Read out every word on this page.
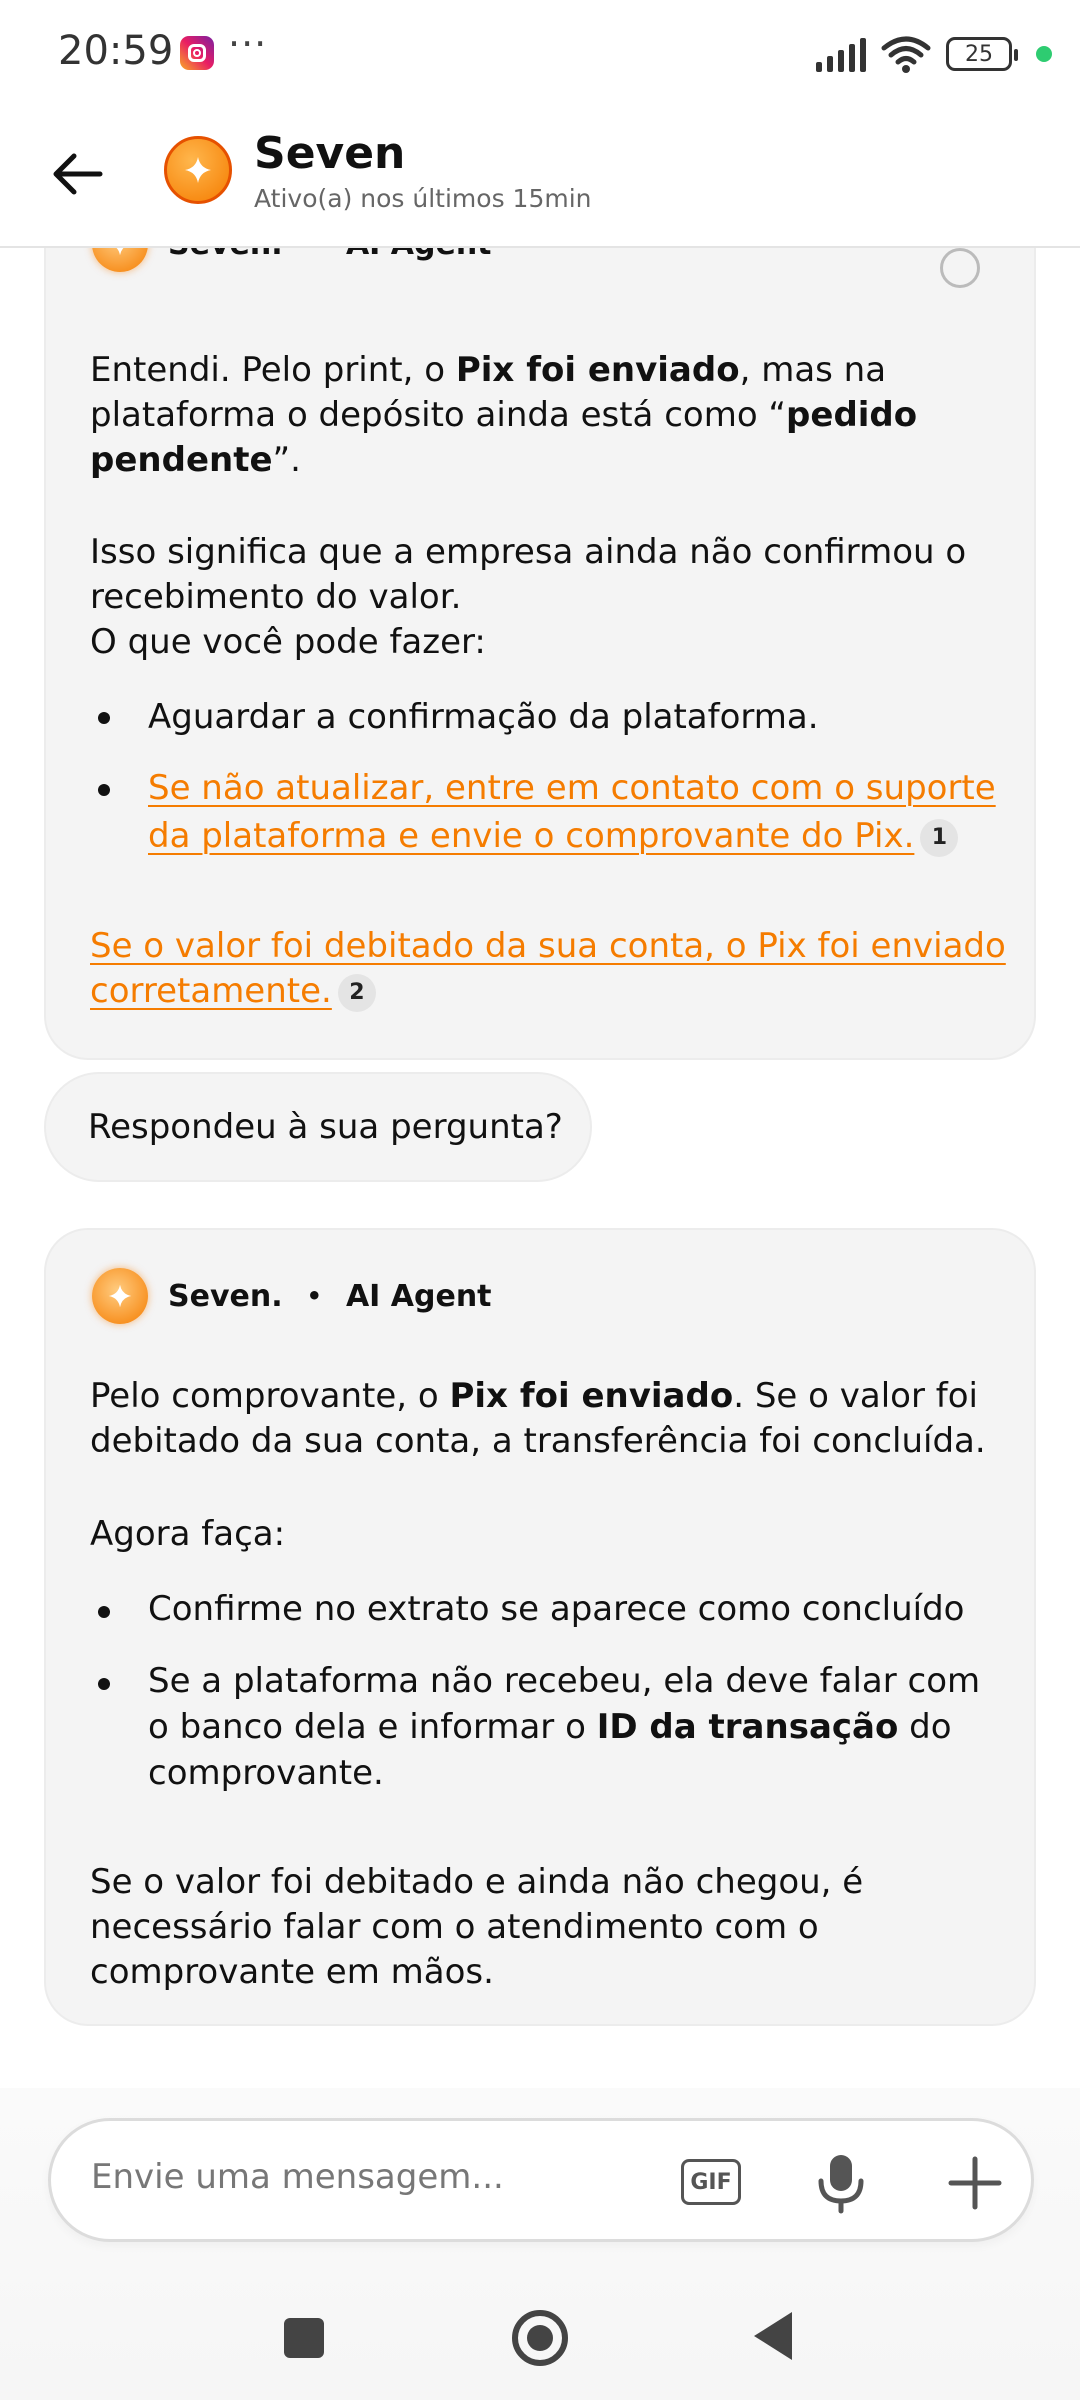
20:59 ···	25
Seven
Ativo(a) nos últimos 15min
Entendi. Pelo print, o Pix foi enviado, mas na plataforma o depósito ainda está como “pedido pendente”.
Isso significa que a empresa ainda não confirmou o recebimento do valor.
O que você pode fazer:
Aguardar a confirmação da plataforma.
Se não atualizar, entre em contato com o suporte da plataforma e envie o comprovante do Pix. 1
Se o valor foi debitado da sua conta, o Pix foi enviado corretamente. 2
Respondeu à sua pergunta?
Seven. • AI Agent
Pelo comprovante, o Pix foi enviado. Se o valor foi debitado da sua conta, a transferência foi concluída.
Agora faça:
Confirme no extrato se aparece como concluído
Se a plataforma não recebeu, ela deve falar com o banco dela e informar o ID da transação do comprovante.
Se o valor foi debitado e ainda não chegou, é necessário falar com o atendimento com o comprovante em mãos.
Envie uma mensagem...	GIF
